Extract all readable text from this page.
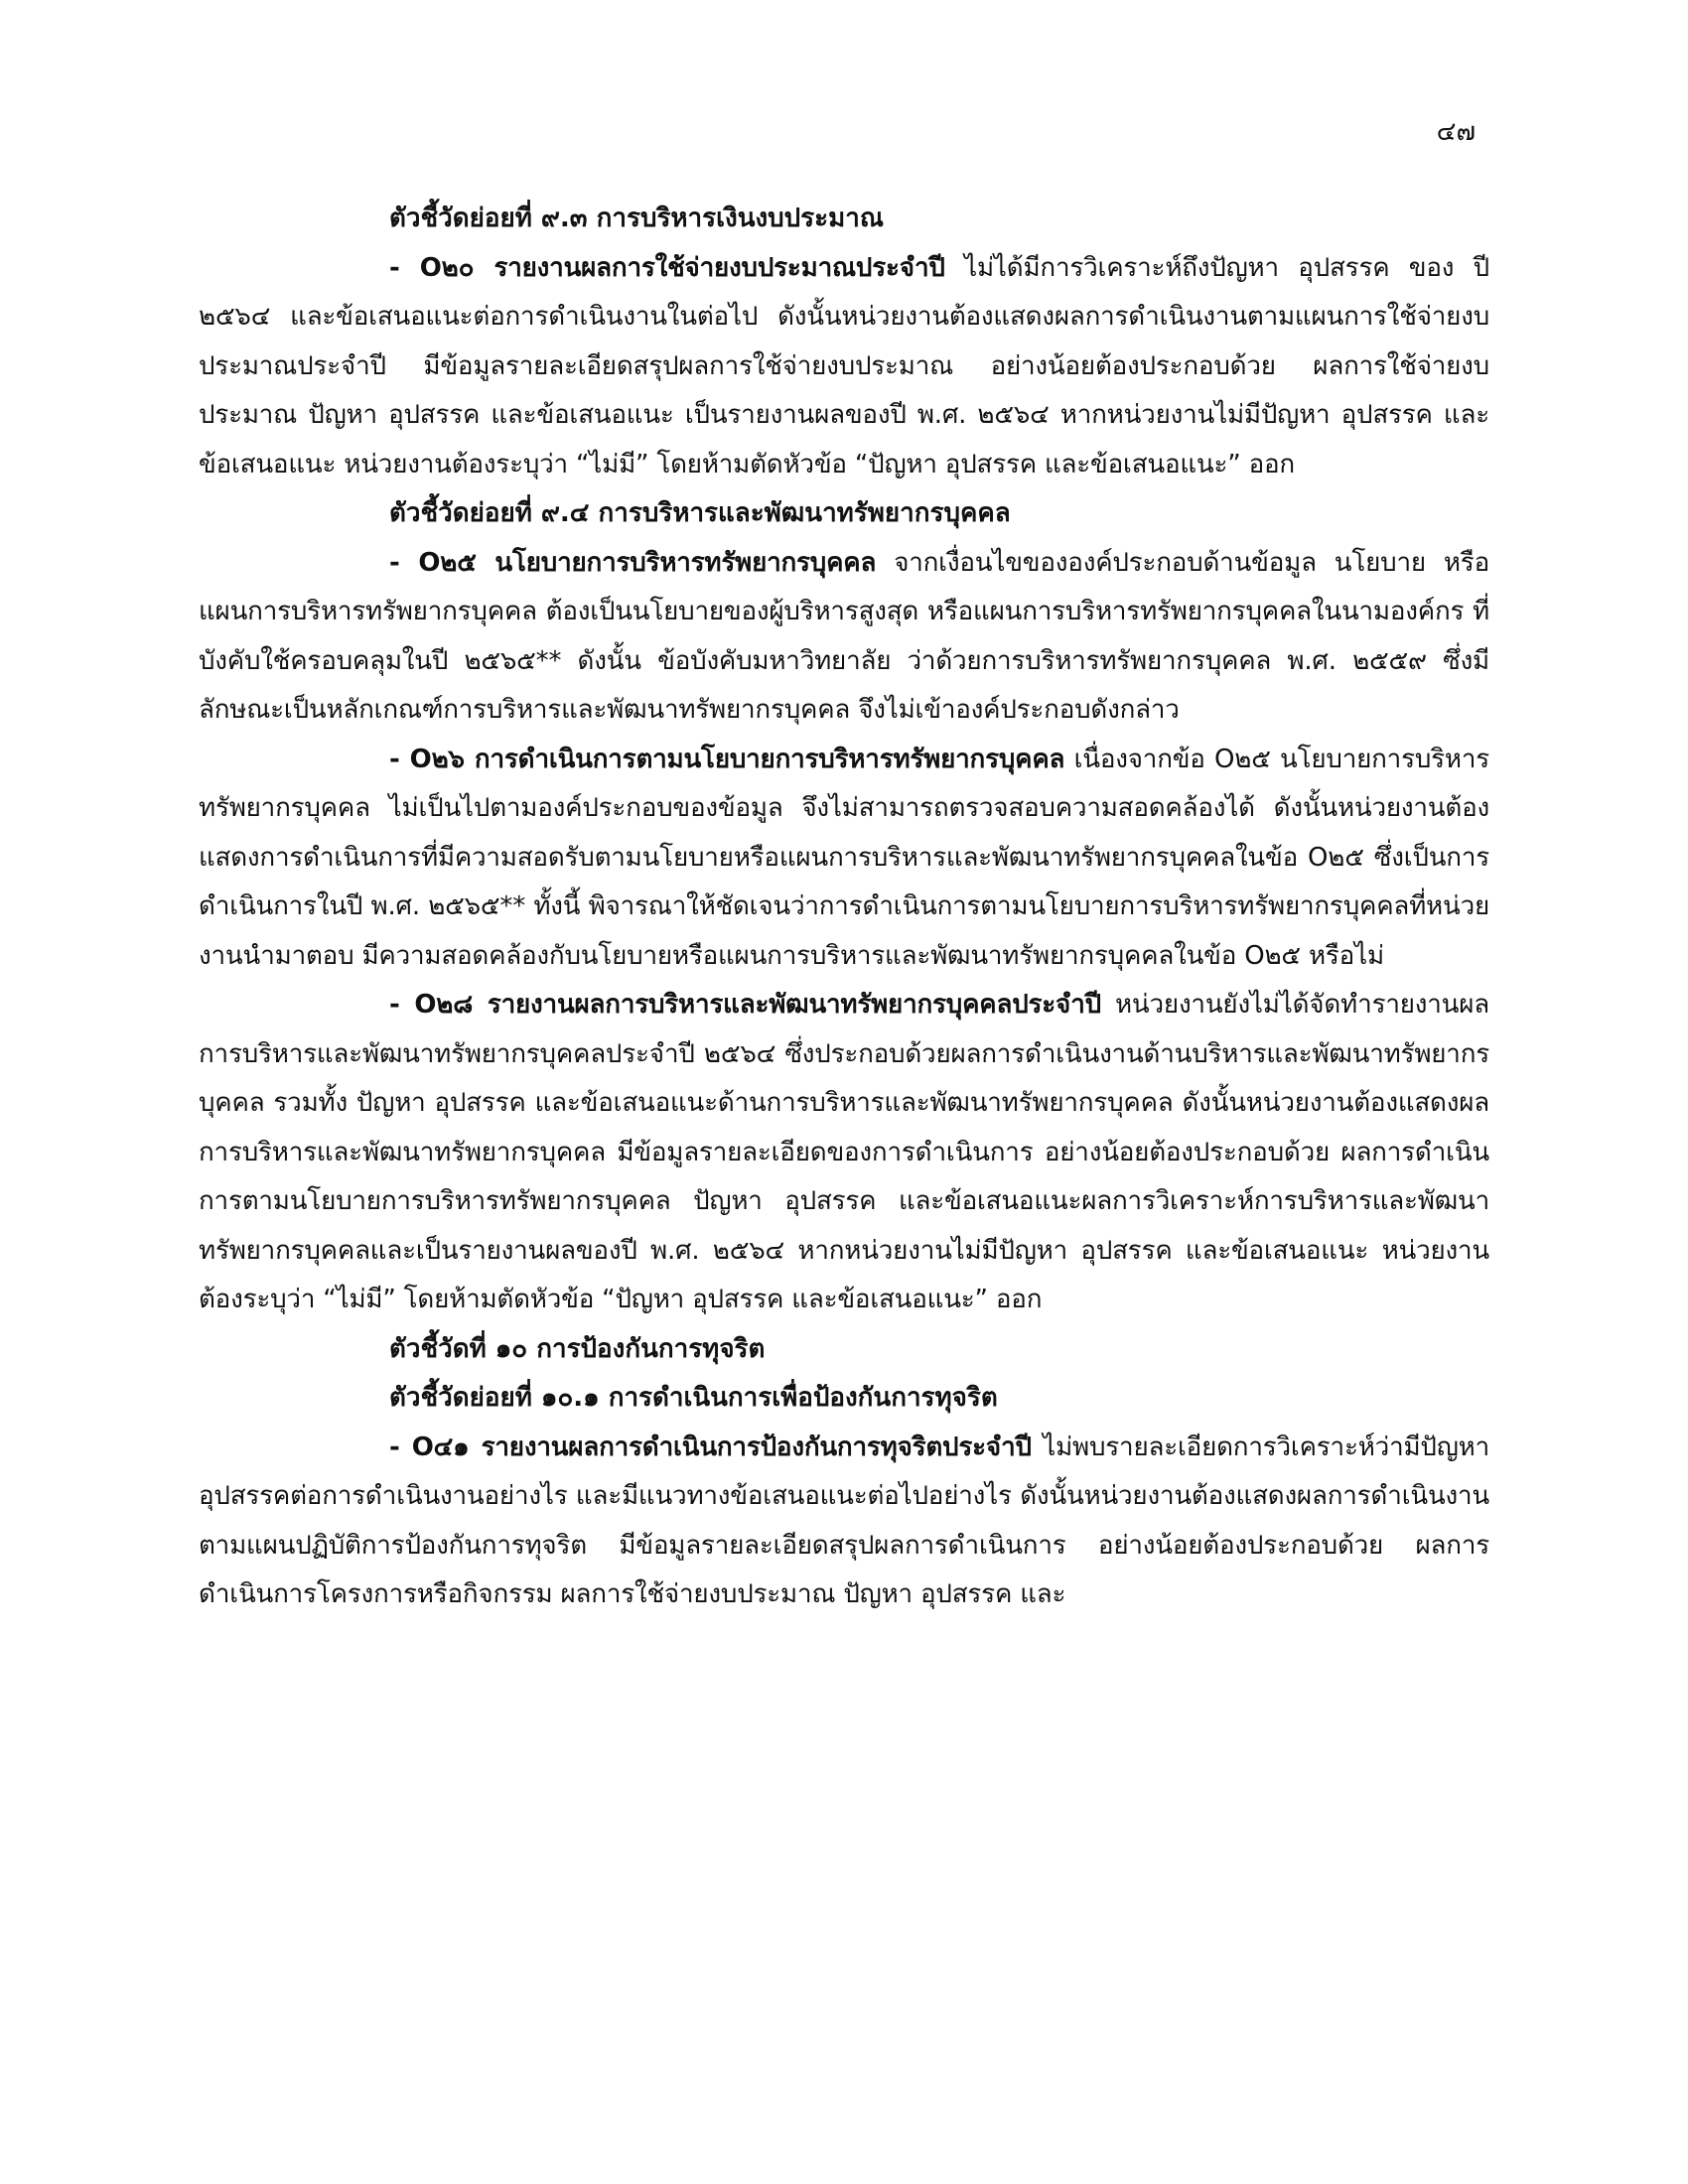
๔๗
ตัวชี้วัดย่อยที่ ๙.๓ การบริหารเงินงบประมาณ

- O๒๐ รายงานผลการใช้จ่ายงบประมาณประจำปี ไม่ได้มีการวิเคราะห์ถึงปัญหา อุปสรรค ของ ปี ๒๕๖๔ และข้อเสนอแนะต่อการดำเนินงานในต่อไป ดังนั้นหน่วยงานต้องแสดงผลการดำเนินงานตามแผนการใช้จ่ายงบประมาณประจำปี มีข้อมูลรายละเอียดสรุปผลการใช้จ่ายงบประมาณ อย่างน้อยต้องประกอบด้วย ผลการใช้จ่ายงบประมาณ ปัญหา อุปสรรค และข้อเสนอแนะ เป็นรายงานผลของปี พ.ศ. ๒๕๖๔ หากหน่วยงานไม่มีปัญหา อุปสรรค และข้อเสนอแนะ หน่วยงานต้องระบุว่า “ไม่มี” โดยห้ามตัดหัวข้อ “ปัญหา อุปสรรค และข้อเสนอแนะ” ออก

ตัวชี้วัดย่อยที่ ๙.๔ การบริหารและพัฒนาทรัพยากรบุคคล

- O๒๕ นโยบายการบริหารทรัพยากรบุคคล จากเงื่อนไขขององค์ประกอบด้านข้อมูล นโยบาย หรือแผนการบริหารทรัพยากรบุคคล ต้องเป็นนโยบายของผู้บริหารสูงสุด หรือแผนการบริหารทรัพยากรบุคคลในนามองค์กร ที่บังคับใช้ครอบคลุมในปี ๒๕๖๕** ดังนั้น ข้อบังคับมหาวิทยาลัย ว่าด้วยการบริหารทรัพยากรบุคคล พ.ศ. ๒๕๕๙ ซึ่งมีลักษณะเป็นหลักเกณฑ์การบริหารและพัฒนาทรัพยากรบุคคล จึงไม่เข้าองค์ประกอบดังกล่าว

- O๒๖ การดำเนินการตามนโยบายการบริหารทรัพยากรบุคคล เนื่องจากข้อ O๒๕ นโยบายการบริหารทรัพยากรบุคคล ไม่เป็นไปตามองค์ประกอบของข้อมูล จึงไม่สามารถตรวจสอบความสอดคล้องได้ ดังนั้นหน่วยงานต้องแสดงการดำเนินการที่มีความสอดรับตามนโยบายหรือแผนการบริหารและพัฒนาทรัพยากรบุคคลในข้อ O๒๕ ซึ่งเป็นการดำเนินการในปี พ.ศ. ๒๕๖๕** ทั้งนี้ พิจารณาให้ชัดเจนว่าการดำเนินการตามนโยบายการบริหารทรัพยากรบุคคลที่หน่วยงานนำมาตอบ มีความสอดคล้องกับนโยบายหรือแผนการบริหารและพัฒนาทรัพยากรบุคคลในข้อ O๒๕ หรือไม่

- O๒๘ รายงานผลการบริหารและพัฒนาทรัพยากรบุคคลประจำปี หน่วยงานยังไม่ได้จัดทำรายงานผลการบริหารและพัฒนาทรัพยากรบุคคลประจำปี ๒๕๖๔ ซึ่งประกอบด้วยผลการดำเนินงานด้านบริหารและพัฒนาทรัพยากรบุคคล รวมทั้ง ปัญหา อุปสรรค และข้อเสนอแนะด้านการบริหารและพัฒนาทรัพยากรบุคคล ดังนั้นหน่วยงานต้องแสดงผลการบริหารและพัฒนาทรัพยากรบุคคล มีข้อมูลรายละเอียดของการดำเนินการ อย่างน้อยต้องประกอบด้วย ผลการดำเนินการตามนโยบายการบริหารทรัพยากรบุคคล ปัญหา อุปสรรค และข้อเสนอแนะผลการวิเคราะห์การบริหารและพัฒนาทรัพยากรบุคคลและเป็นรายงานผลของปี พ.ศ. ๒๕๖๔ หากหน่วยงานไม่มีปัญหา อุปสรรค และข้อเสนอแนะ หน่วยงานต้องระบุว่า “ไม่มี” โดยห้ามตัดหัวข้อ “ปัญหา อุปสรรค และข้อเสนอแนะ” ออก

ตัวชี้วัดที่ ๑๐ การป้องกันการทุจริต
ตัวชี้วัดย่อยที่ ๑๐.๑ การดำเนินการเพื่อป้องกันการทุจริต

- O๔๑ รายงานผลการดำเนินการป้องกันการทุจริตประจำปี ไม่พบรายละเอียดการวิเคราะห์ว่ามีปัญหาอุปสรรคต่อการดำเนินงานอย่างไร และมีแนวทางข้อเสนอแนะต่อไปอย่างไร ดังนั้นหน่วยงานต้องแสดงผลการดำเนินงานตามแผนปฏิบัติการป้องกันการทุจริต มีข้อมูลรายละเอียดสรุปผลการดำเนินการ อย่างน้อยต้องประกอบด้วย ผลการดำเนินการโครงการหรือกิจกรรม ผลการใช้จ่ายงบประมาณ ปัญหา อุปสรรค และ
